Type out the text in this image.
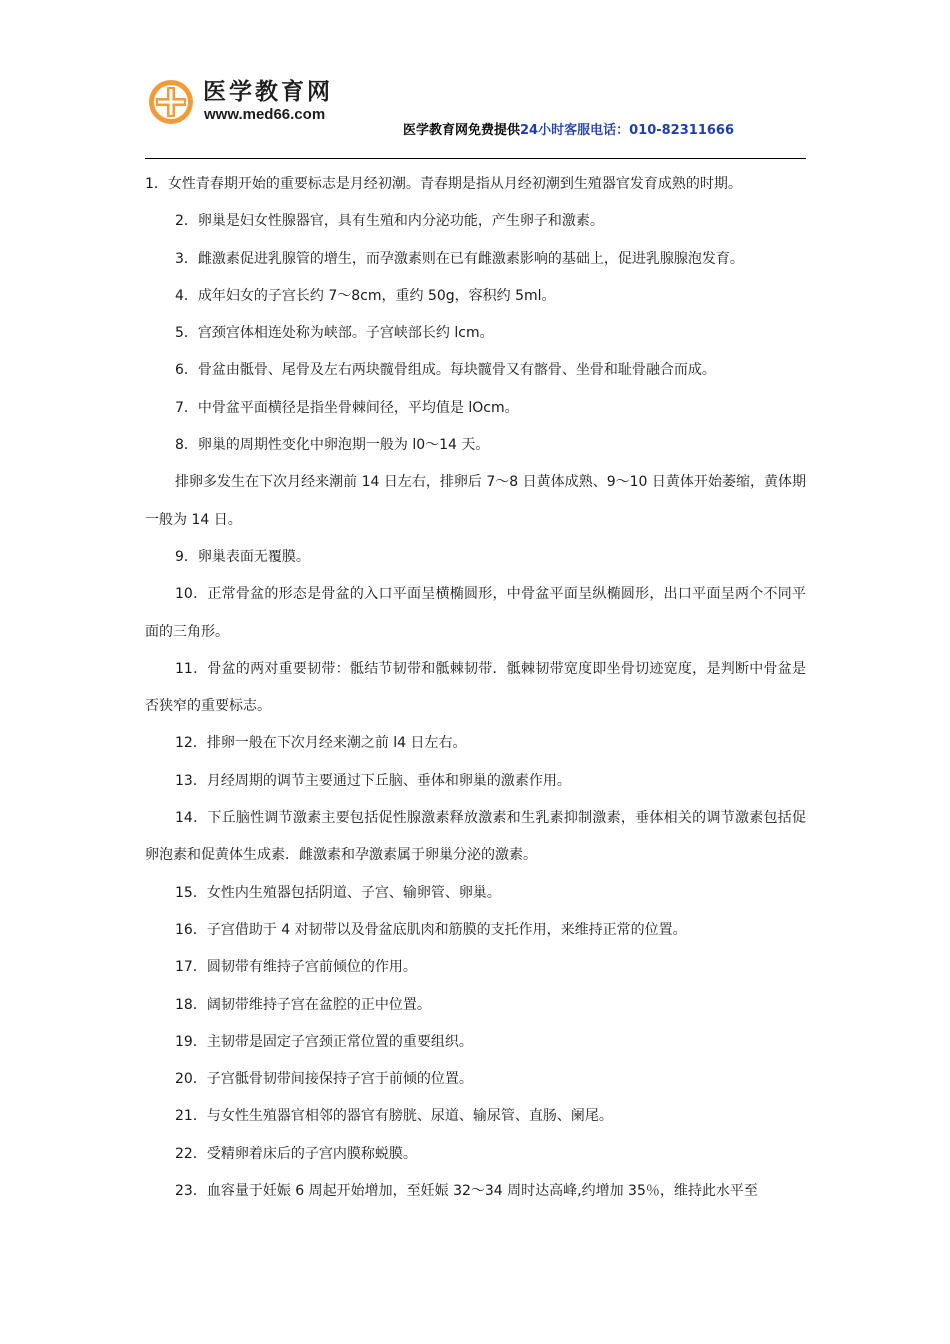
医学教育网
www.med66.com
医学教育网免费提供24小时客服电话：010-82311666

1．女性青春期开始的重要标志是月经初潮。青春期是指从月经初潮到生殖器官发育成熟的时期。

2．卵巢是妇女性腺器官，具有生殖和内分泌功能，产生卵子和激素。

3．雌激素促进乳腺管的增生，而孕激素则在已有雌激素影响的基础上，促进乳腺腺泡发育。

4．成年妇女的子宫长约 7～8cm，重约 50g，容积约 5ml。

5．宫颈宫体相连处称为峡部。子宫峡部长约 lcm。

6．骨盆由骶骨、尾骨及左右两块髋骨组成。每块髋骨又有髂骨、坐骨和耻骨融合而成。

7．中骨盆平面横径是指坐骨棘间径，平均值是 lOcm。

8．卵巢的周期性变化中卵泡期一般为 l0～14 天。

排卵多发生在下次月经来潮前 14 日左右，排卵后 7～8 日黄体成熟、9～10 日黄体开始萎缩，黄体期一般为 14 日。

9．卵巢表面无覆膜。

10．正常骨盆的形态是骨盆的入口平面呈横椭圆形，中骨盆平面呈纵椭圆形，出口平面呈两个不同平面的三角形。

11．骨盆的两对重要韧带：骶结节韧带和骶棘韧带．骶棘韧带宽度即坐骨切迹宽度，是判断中骨盆是否狭窄的重要标志。

12．排卵一般在下次月经来潮之前 l4 日左右。

13．月经周期的调节主要通过下丘脑、垂体和卵巢的激素作用。

14．下丘脑性调节激素主要包括促性腺激素释放激素和生乳素抑制激素，垂体相关的调节激素包括促卵泡素和促黄体生成素．雌激素和孕激素属于卵巢分泌的激素。

15．女性内生殖器包括阴道、子宫、输卵管、卵巢。

16．子宫借助于 4 对韧带以及骨盆底肌肉和筋膜的支托作用，来维持正常的位置。

17．圆韧带有维持子宫前倾位的作用。

18．阔韧带维持子宫在盆腔的正中位置。

19．主韧带是固定子宫颈正常位置的重要组织。

20．子宫骶骨韧带间接保持子宫于前倾的位置。

21．与女性生殖器官相邻的器官有膀胱、尿道、输尿管、直肠、阑尾。

22．受精卵着床后的子宫内膜称蜕膜。

23．血容量于妊娠 6 周起开始增加，至妊娠 32～34 周时达高峰,约增加 35％，维持此水平至
